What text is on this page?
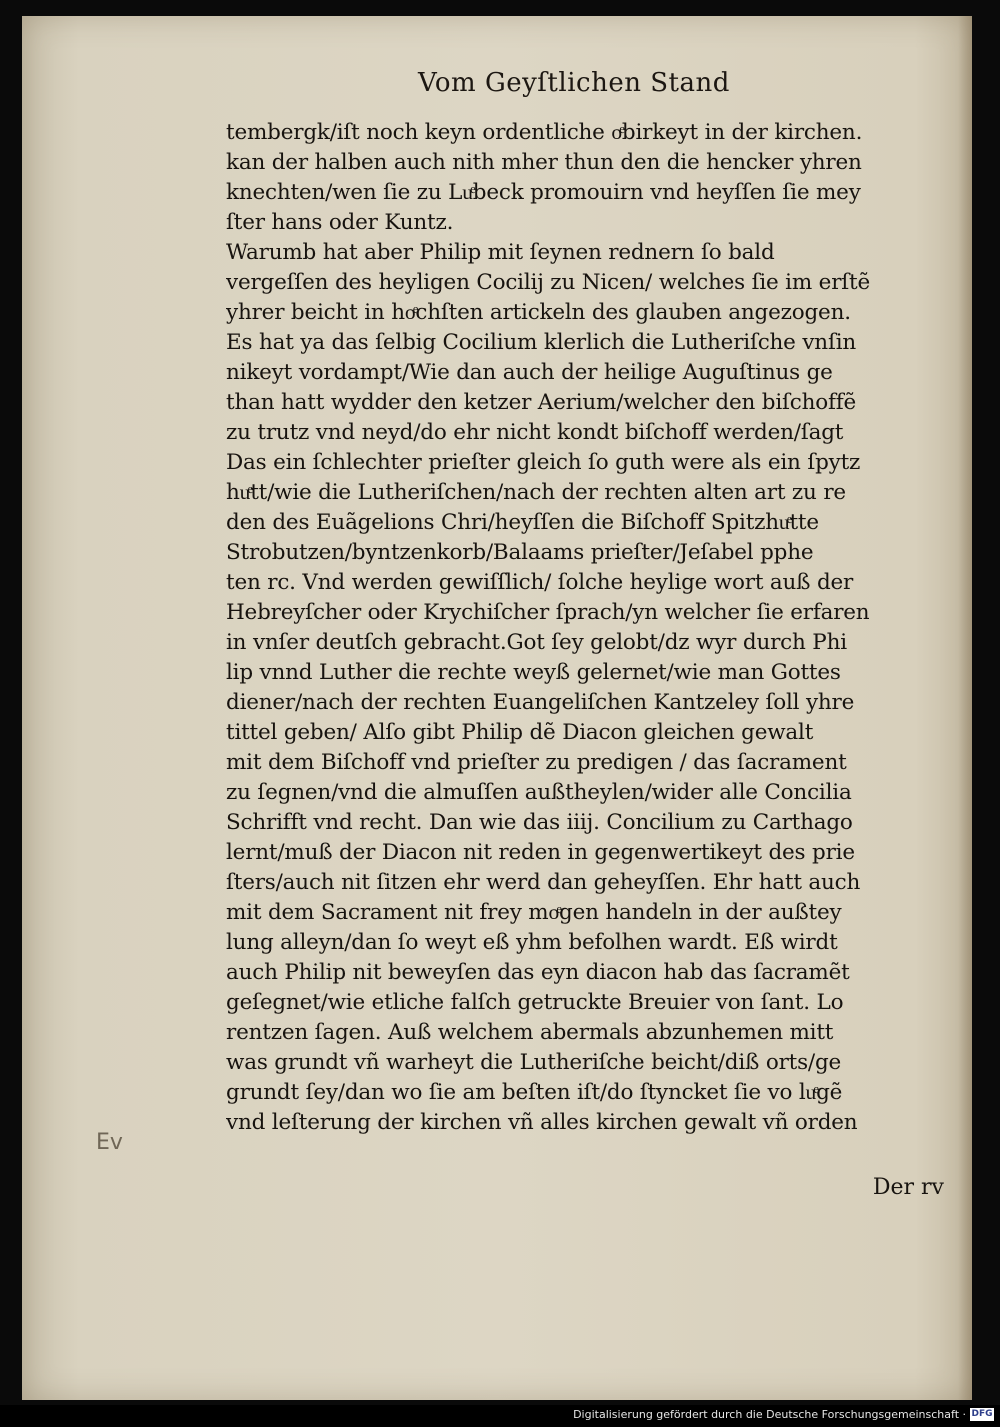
Vom Geyſtlichen Stand
tembergk/iſt noch keyn ordentliche oͤbirkeyt in der kirchen.
kan der halben auch nith mher thun den die hencker yhren
knechten/wen ſie zu Luͤbeck promouirn vnd heyſſen ſie mey
ſter hans oder Kuntz.
Warumb hat aber Philip mit ſeynen rednern ſo bald
vergeſſen des heyligen Cocilij zu Nicen/ welches ſie im erſtẽ
yhrer beicht in hoͤchſten artickeln des glauben angezogen.
Es hat ya das ſelbig Cocilium klerlich die Lutheriſche vnſin
nikeyt vordampt/Wie dan auch der heilige Auguſtinus ge
than hatt wydder den ketzer Aerium/welcher den biſchoffẽ
zu trutz vnd neyd/do ehr nicht kondt biſchoff werden/ſagt
Das ein ſchlechter prieſter gleich ſo guth were als ein ſpytz
huͤtt/wie die Lutheriſchen/nach der rechten alten art zu re
den des Euãgelions Chri/heyſſen die Biſchoff Spitzhuͤtte
Strobutzen/byntzenkorb/Balaams prieſter/Jeſabel pphe
ten rc. Vnd werden gewiſſlich/ ſolche heylige wort auß der
Hebreyſcher oder Krychiſcher ſprach/yn welcher ſie erfaren
in vnſer deutſch gebracht.Got ſey gelobt/dz wyr durch Phi
lip vnnd Luther die rechte weyß gelernet/wie man Gottes
diener/nach der rechten Euangeliſchen Kantzeley ſoll yhre
tittel geben/ Alſo gibt Philip dẽ Diacon gleichen gewalt
mit dem Biſchoff vnd prieſter zu predigen / das ſacrament
zu ſegnen/vnd die almuſſen außtheylen/wider alle Concilia
Schrifft vnd recht. Dan wie das iiij. Concilium zu Carthago
lernt/muß der Diacon nit reden in gegenwertikeyt des prie
ſters/auch nit ſitzen ehr werd dan geheyſſen. Ehr hatt auch
mit dem Sacrament nit frey moͤgen handeln in der außtey
lung alleyn/dan ſo weyt eß yhm befolhen wardt. Eß wirdt
auch Philip nit beweyſen das eyn diacon hab das ſacramẽt
geſegnet/wie etliche falſch getruckte Breuier von ſant. Lo
rentzen ſagen. Auß welchem abermals abzunhemen mitt
was grundt vñ warheyt die Lutheriſche beicht/diß orts/ge
grundt ſey/dan wo ſie am beſten iſt/do ſtyncket ſie vo luͤgẽ
vnd leſterung der kirchen vñ alles kirchen gewalt vñ orden
Ev
Der rv
Digitalisierung gefördert durch die Deutsche Forschungsgemeinschaft · DFG
